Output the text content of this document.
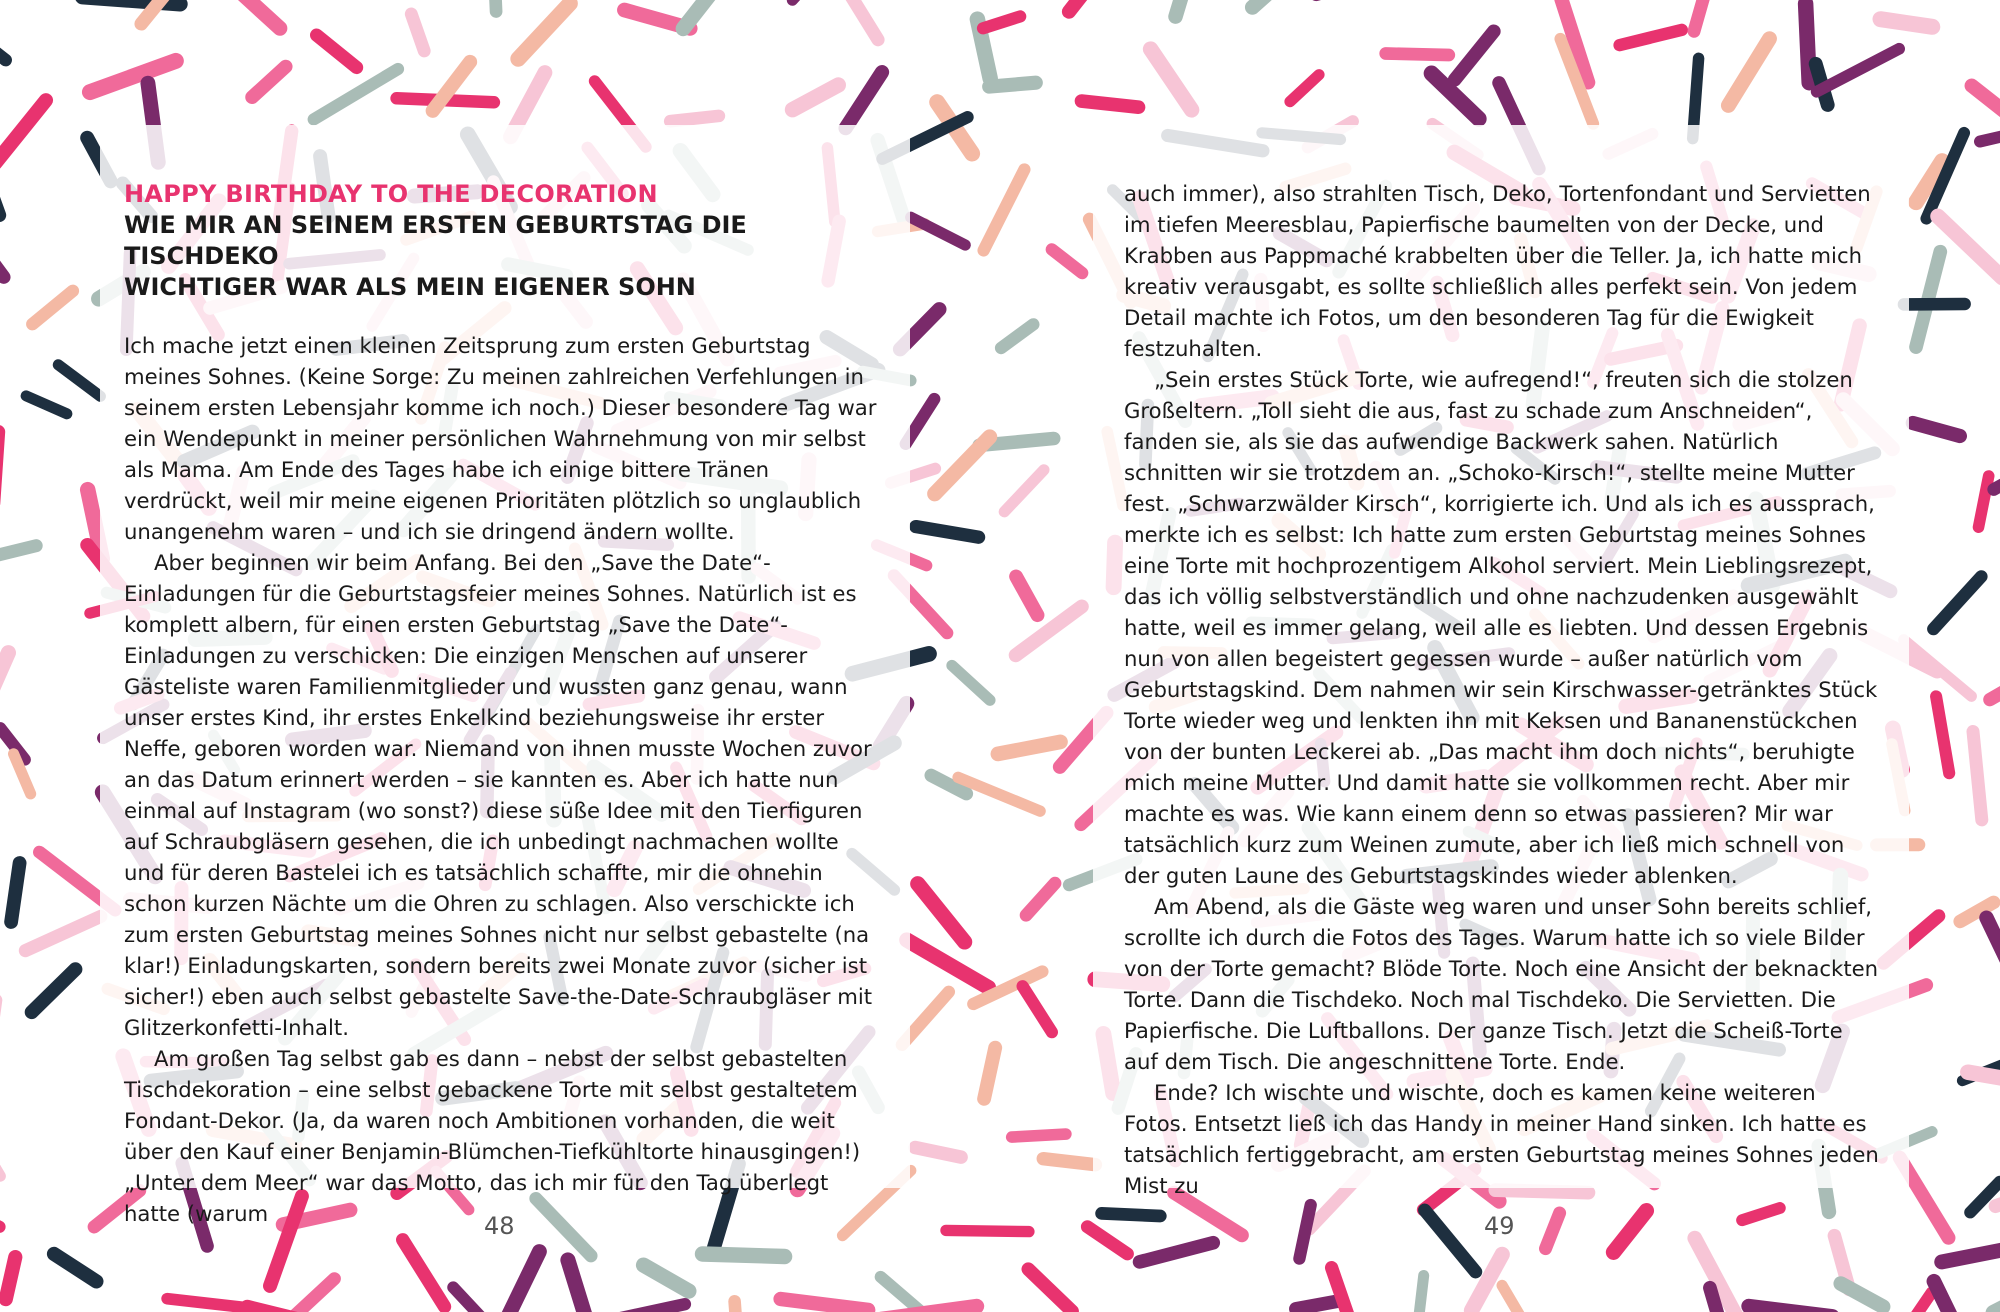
HAPPY BIRTHDAY TO THE DECORATION
WIE MIR AN SEINEM ERSTEN GEBURTSTAG DIE TISCHDEKO
WICHTIGER WAR ALS MEIN EIGENER SOHN

Ich mache jetzt einen kleinen Zeitsprung zum ersten Geburtstag meines Sohnes. (Keine Sorge: Zu meinen zahlreichen Verfehlungen in seinem ersten Lebensjahr komme ich noch.) Dieser besondere Tag war ein Wendepunkt in meiner persönlichen Wahrnehmung von mir selbst als Mama. Am Ende des Tages habe ich einige bittere Tränen verdrückt, weil mir meine eigenen Prioritäten plötzlich so unglaublich unangenehm waren – und ich sie dringend ändern wollte.

Aber beginnen wir beim Anfang. Bei den „Save the Date“-Einladungen für die Geburtstagsfeier meines Sohnes. Natürlich ist es komplett albern, für einen ersten Geburtstag „Save the Date“-Einladungen zu verschicken: Die einzigen Menschen auf unserer Gästeliste waren Familienmitglieder und wussten ganz genau, wann unser erstes Kind, ihr erstes Enkelkind beziehungsweise ihr erster Neffe, geboren worden war. Niemand von ihnen musste Wochen zuvor an das Datum erinnert werden – sie kannten es. Aber ich hatte nun einmal auf Instagram (wo sonst?) diese süße Idee mit den Tierfiguren auf Schraubgläsern gesehen, die ich unbedingt nachmachen wollte und für deren Bastelei ich es tatsächlich schaffte, mir die ohnehin schon kurzen Nächte um die Ohren zu schlagen. Also verschickte ich zum ersten Geburtstag meines Sohnes nicht nur selbst gebastelte (na klar!) Einladungskarten, sondern bereits zwei Monate zuvor (sicher ist sicher!) eben auch selbst gebastelte Save-the-Date-Schraubgläser mit Glitzerkonfetti-Inhalt.

Am großen Tag selbst gab es dann – nebst der selbst gebastelten Tischdekoration – eine selbst gebackene Torte mit selbst gestaltetem Fondant-Dekor. (Ja, da waren noch Ambitionen vorhanden, die weit über den Kauf einer Benjamin-Blümchen-Tiefkühltorte hinausgingen!) „Unter dem Meer“ war das Motto, das ich mir für den Tag überlegt hatte (warum

auch immer), also strahlten Tisch, Deko, Tortenfondant und Servietten im tiefen Meeresblau, Papierfische baumelten von der Decke, und Krabben aus Pappmaché krabbelten über die Teller. Ja, ich hatte mich kreativ verausgabt, es sollte schließlich alles perfekt sein. Von jedem Detail machte ich Fotos, um den besonderen Tag für die Ewigkeit festzuhalten.

„Sein erstes Stück Torte, wie aufregend!“, freuten sich die stolzen Großeltern. „Toll sieht die aus, fast zu schade zum Anschneiden“, fanden sie, als sie das aufwendige Backwerk sahen. Natürlich schnitten wir sie trotzdem an. „Schoko-Kirsch!“, stellte meine Mutter fest. „Schwarzwälder Kirsch“, korrigierte ich. Und als ich es aussprach, merkte ich es selbst: Ich hatte zum ersten Geburtstag meines Sohnes eine Torte mit hochprozentigem Alkohol serviert. Mein Lieblingsrezept, das ich völlig selbstverständlich und ohne nachzudenken ausgewählt hatte, weil es immer gelang, weil alle es liebten. Und dessen Ergebnis nun von allen begeistert gegessen wurde – außer natürlich vom Geburtstagskind. Dem nahmen wir sein Kirschwasser-getränktes Stück Torte wieder weg und lenkten ihn mit Keksen und Bananenstückchen von der bunten Leckerei ab. „Das macht ihm doch nichts“, beruhigte mich meine Mutter. Und damit hatte sie vollkommen recht. Aber mir machte es was. Wie kann einem denn so etwas passieren? Mir war tatsächlich kurz zum Weinen zumute, aber ich ließ mich schnell von der guten Laune des Geburtstagskindes wieder ablenken.

Am Abend, als die Gäste weg waren und unser Sohn bereits schlief, scrollte ich durch die Fotos des Tages. Warum hatte ich so viele Bilder von der Torte gemacht? Blöde Torte. Noch eine Ansicht der beknackten Torte. Dann die Tischdeko. Noch mal Tischdeko. Die Servietten. Die Papierfische. Die Luftballons. Der ganze Tisch. Jetzt die Scheiß-Torte auf dem Tisch. Die angeschnittene Torte. Ende.

Ende? Ich wischte und wischte, doch es kamen keine weiteren Fotos. Entsetzt ließ ich das Handy in meiner Hand sinken. Ich hatte es tatsächlich fertiggebracht, am ersten Geburtstag meines Sohnes jeden Mist zu

48	49
